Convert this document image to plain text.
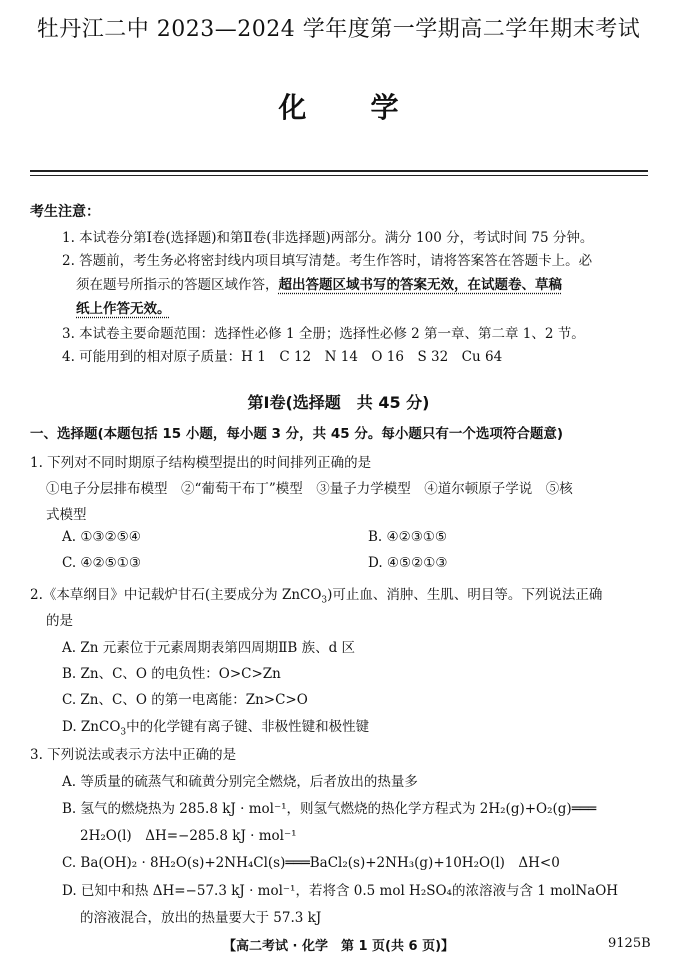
牡丹江二中 2023—2024 学年度第一学期高二学年期末考试
化学
考生注意：
1. 本试卷分第Ⅰ卷(选择题)和第Ⅱ卷(非选择题)两部分。满分 100 分，考试时间 75 分钟。
2. 答题前，考生务必将密封线内项目填写清楚。考生作答时，请将答案答在答题卡上。必
须在题号所指示的答题区域作答，超出答题区域书写的答案无效，在试题卷、草稿
纸上作答无效。
3. 本试卷主要命题范围：选择性必修 1 全册；选择性必修 2 第一章、第二章 1、2 节。
4. 可能用到的相对原子质量：H 1　C 12　N 14　O 16　S 32　Cu 64
第Ⅰ卷(选择题　共 45 分)
一、选择题(本题包括 15 小题，每小题 3 分，共 45 分。每小题只有一个选项符合题意)
1. 下列对不同时期原子结构模型提出的时间排列正确的是
①电子分层排布模型　②“葡萄干布丁”模型　③量子力学模型　④道尔顿原子学说　⑤核
式模型
A. ①③②⑤④	B. ④②③①⑤
C. ④②⑤①③	D. ④⑤②①③
2.《本草纲目》中记载炉甘石(主要成分为 ZnCO$_3$)可止血、消肿、生肌、明目等。下列说法正确
的是
A. Zn 元素位于元素周期表第四周期ⅡB 族、d 区
B. Zn、C、O 的电负性：O>C>Zn
C. Zn、C、O 的第一电离能：Zn>C>O
D. ZnCO$_3$中的化学键有离子键、非极性键和极性键
3. 下列说法或表示方法中正确的是
A. 等质量的硫蒸气和硫黄分别完全燃烧，后者放出的热量多
B. 氢气的燃烧热为 285.8 kJ · mol⁻¹，则氢气燃烧的热化学方程式为 2H₂(g)+O₂(g)═══
2H₂O(l)　ΔH=−285.8 kJ · mol⁻¹
C. Ba(OH)₂ · 8H₂O(s)+2NH₄Cl(s)═══BaCl₂(s)+2NH₃(g)+10H₂O(l)　ΔH<0
D. 已知中和热 ΔH=−57.3 kJ · mol⁻¹，若将含 0.5 mol H₂SO₄的浓溶液与含 1 molNaOH
的溶液混合，放出的热量要大于 57.3 kJ
【高二考试 · 化学　第 1 页(共 6 页)】	9125B
